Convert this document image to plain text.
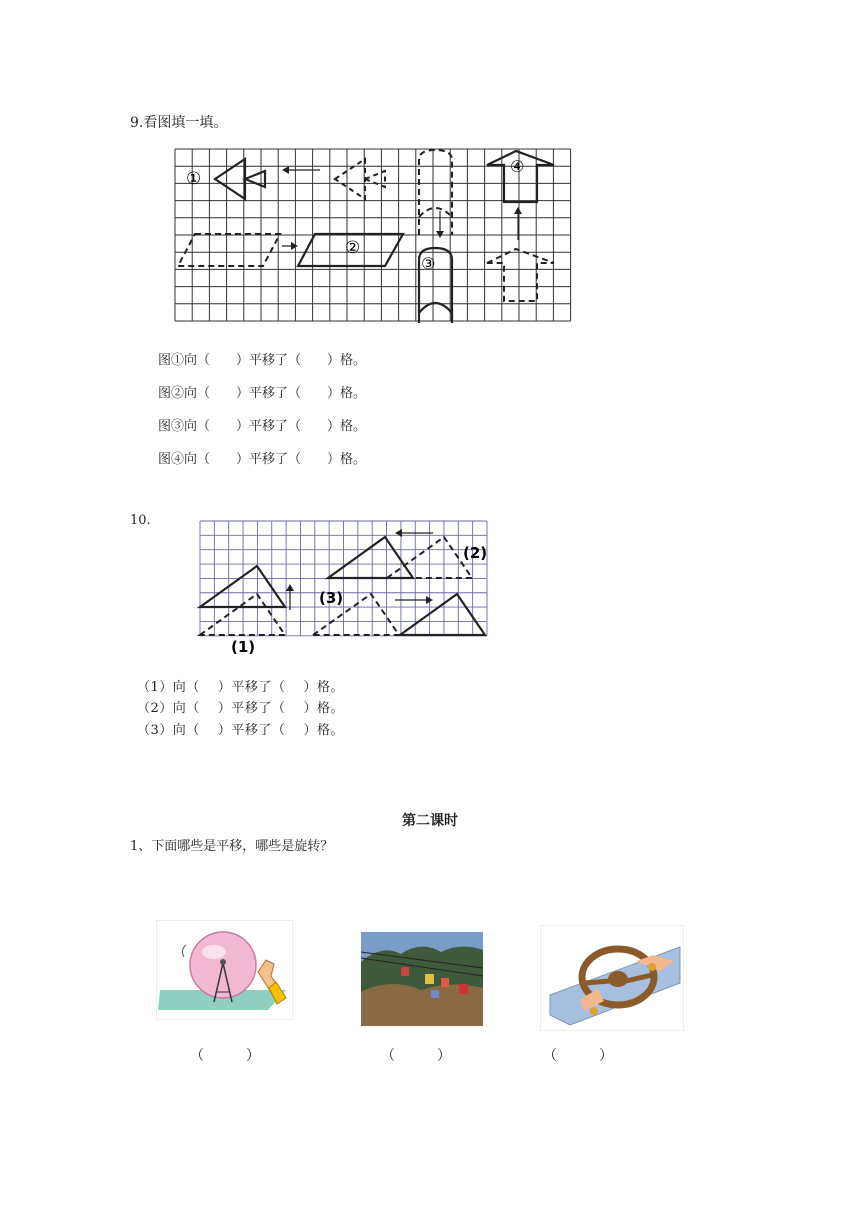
9.看图填一填。
①
②
③
④
图①向（　　）平移了（　　）格。
图②向（　　）平移了（　　）格。
图③向（　　）平移了（　　）格。
图④向（　　）平移了（　　）格。
10.
(1)
(2)
(3)
（1）向（　 ）平移了（　 ）格。
（2）向（　 ）平移了（　 ）格。
（3）向（　 ）平移了（　 ）格。
第二课时
1、下面哪些是平移，哪些是旋转？
（　　　）	（　　　）	（　　　）
